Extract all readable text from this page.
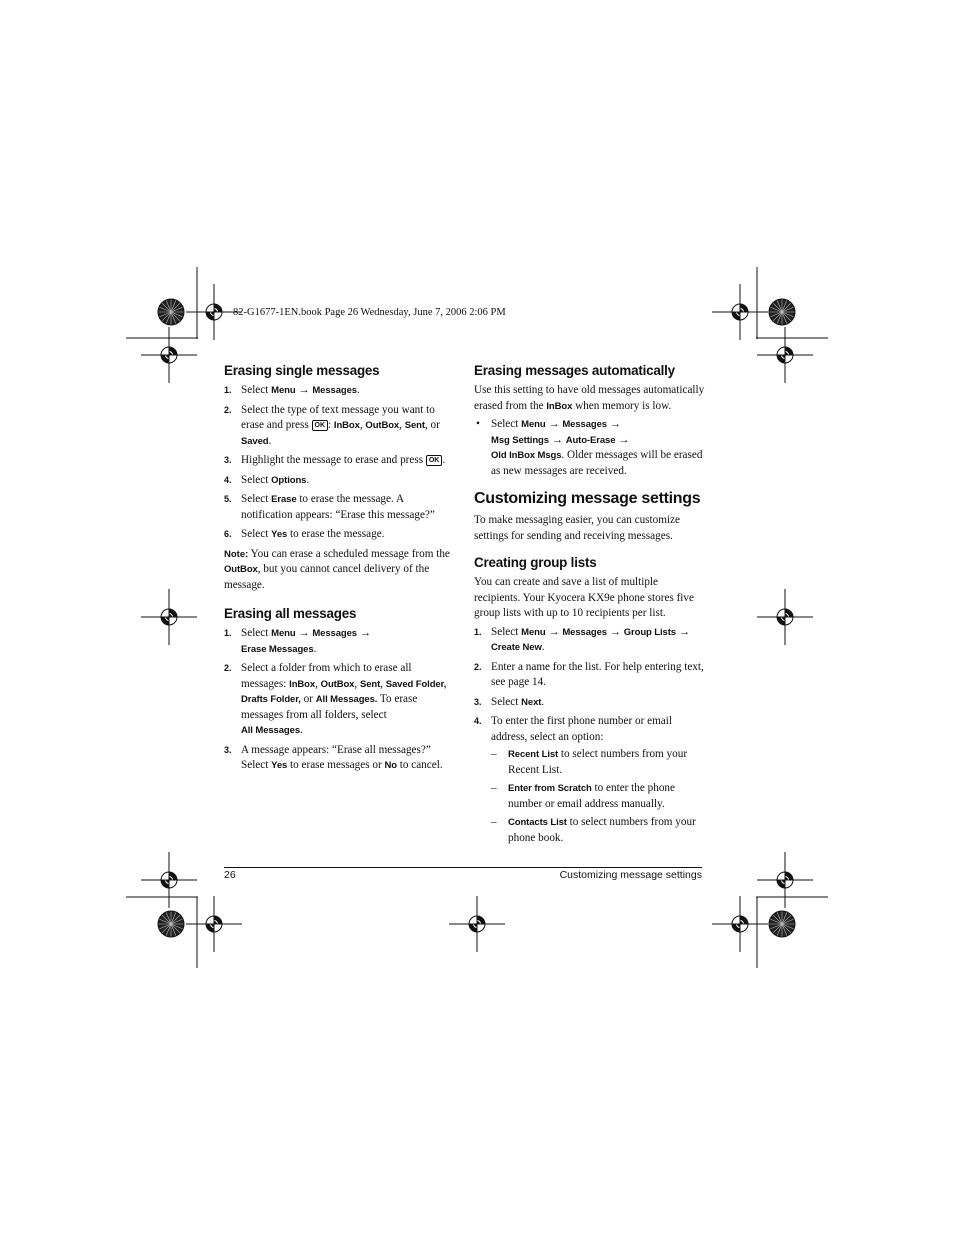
82-G1677-1EN.book Page 26 Wednesday, June 7, 2006 2:06 PM
Erasing single messages
1. Select Menu → Messages.
2. Select the type of text message you want to erase and press OK : InBox, OutBox, Sent, or Saved.
3. Highlight the message to erase and press OK .
4. Select Options.
5. Select Erase to erase the message. A notification appears: “Erase this message?”
6. Select Yes to erase the message.

Note: You can erase a scheduled message from the OutBox, but you cannot cancel delivery of the message.

Erasing all messages
1. Select Menu → Messages →
Erase Messages.
2. Select a folder from which to erase all messages: InBox, OutBox, Sent, Saved Folder, Drafts Folder, or All Messages. To erase messages from all folders, select
All Messages.
3. A message appears: “Erase all messages?” Select Yes to erase messages or No to cancel.
Erasing messages automatically

Use this setting to have old messages automatically erased from the InBox when memory is low.

• Select Menu → Messages →
Msg Settings → Auto-Erase →
Old InBox Msgs. Older messages will be erased as new messages are received.
Customizing message settings

To make messaging easier, you can customize settings for sending and receiving messages.

Creating group lists

You can create and save a list of multiple recipients. Your Kyocera KX9e phone stores five group lists with up to 10 recipients per list.

1. Select Menu → Messages → Group Lists →
Create New.
2. Enter a name for the list. For help entering text, see page 14.
3. Select Next.
4. To enter the first phone number or email address, select an option:
– Recent List to select numbers from your Recent List.
– Enter from Scratch to enter the phone number or email address manually.
– Contacts List to select numbers from your phone book.
26	Customizing message settings
